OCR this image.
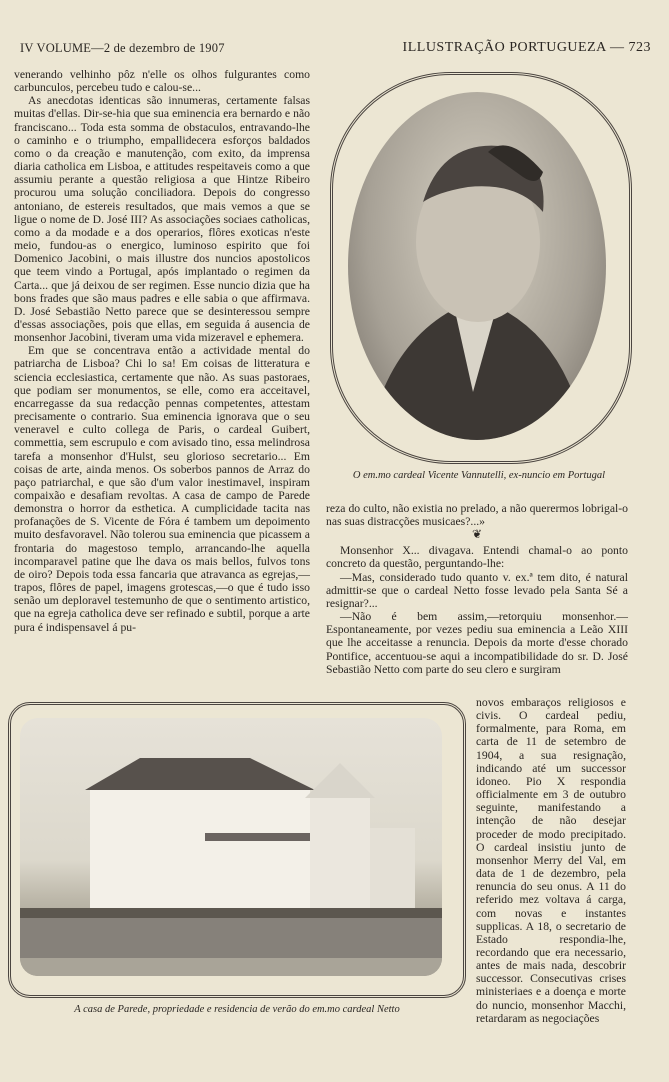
IV VOLUME—2 de dezembro de 1907	ILLUSTRAÇÃO PORTUGUEZA — 723

venerando velhinho pôz n'elle os olhos fulgurantes como carbunculos, percebeu tudo e calou-se...

As anecdotas identicas são innumeras, certamente falsas muitas d'ellas. Dir-se-hia que sua eminencia era bernardo e não franciscano... Toda esta somma de obstaculos, entravando-lhe o caminho e o triumpho, empallidecera esforços baldados como o da creação e manutenção, com exito, da imprensa diaria catholica em Lisboa, e attitudes respeitaveis como a que assumiu perante a questão religiosa a que Hintze Ribeiro procurou uma solução conciliadora. Depois do congresso antoniano, de estereis resultados, que mais vemos a que se ligue o nome de D. José III? As associações sociaes catholicas, como a da modade e a dos operarios, flôres exoticas n'este meio, fundou-as o energico, luminoso espirito que foi Domenico Jacobini, o mais illustre dos nuncios apostolicos que teem vindo a Portugal, após implantado o regimen da Carta... que já deixou de ser regimen. Esse nuncio dizia que ha bons frades que são maus padres e elle sabia o que affirmava. D. José Sebastião Netto parece que se desinteressou sempre d'essas associações, pois que ellas, em seguida á ausencia de monsenhor Jacobini, tiveram uma vida mizeravel e ephemera.

Em que se concentrava então a actividade mental do patriarcha de Lisboa? Chi lo sa! Em coisas de litteratura e sciencia ecclesiastica, certamente que não. As suas pastoraes, que podiam ser monumentos, se elle, como era acceitavel, encarregasse da sua redacção pennas competentes, attestam precisamente o contrario. Sua eminencia ignorava que o seu veneravel e culto collega de Paris, o cardeal Guibert, commettia, sem escrupulo e com avisado tino, essa melindrosa tarefa a monsenhor d'Hulst, seu glorioso secretario... Em coisas de arte, ainda menos. Os soberbos pannos de Arraz do paço patriarchal, e que são d'um valor inestimavel, inspiram compaixão e desafiam revoltas. A casa de campo de Parede demonstra o horror da esthetica. A cumplicidade tacita nas profanações de S. Vicente de Fóra é tambem um depoimento muito desfavoravel. Não tolerou sua eminencia que picassem a frontaria do magestoso templo, arrancando-lhe aquella incomparavel patine que lhe dava os mais bellos, fulvos tons de oiro? Depois toda essa fancaria que atravanca as egrejas,—trapos, flôres de papel, imagens grotescas,—o que é tudo isso senão um deploravel testemunho de que o sentimento artistico, que na egreja catholica deve ser refinado e subtil, porque a arte pura é indispensavel á pu-

O em.mo cardeal Vicente Vannutelli, ex-nuncio em Portugal

reza do culto, não existia no prelado, a não querermos lobrigal-o nas suas distracções musicaes?...»

❦

Monsenhor X... divagava. Entendi chamal-o ao ponto concreto da questão, perguntando-lhe:

—Mas, considerado tudo quanto v. ex.ª tem dito, é natural admittir-se que o cardeal Netto fosse levado pela Santa Sé a resignar?...

—Não é bem assim,—retorquiu monsenhor.—Espontaneamente, por vezes pediu sua eminencia a Leão XIII que lhe acceitasse a renuncia. Depois da morte d'esse chorado Pontifice, accentuou-se aqui a incompatibilidade do sr. D. José Sebastião Netto com parte do seu clero e surgiram

A casa de Parede, propriedade e residencia de verão do em.mo cardeal Netto

novos embaraços religiosos e civis. O cardeal pediu, formalmente, para Roma, em carta de 11 de setembro de 1904, a sua resignação, indicando até um successor idoneo. Pio X respondia officialmente em 3 de outubro seguinte, manifestando a intenção de não desejar proceder de modo precipitado. O cardeal insistiu junto de monsenhor Merry del Val, em data de 1 de dezembro, pela renuncia do seu onus. A 11 do referido mez voltava á carga, com novas e instantes supplicas. A 18, o secretario de Estado respondia-lhe, recordando que era necessario, antes de mais nada, descobrir successor. Consecutivas crises ministeriaes e a doença e morte do nuncio, monsenhor Macchi, retardaram as negociações
